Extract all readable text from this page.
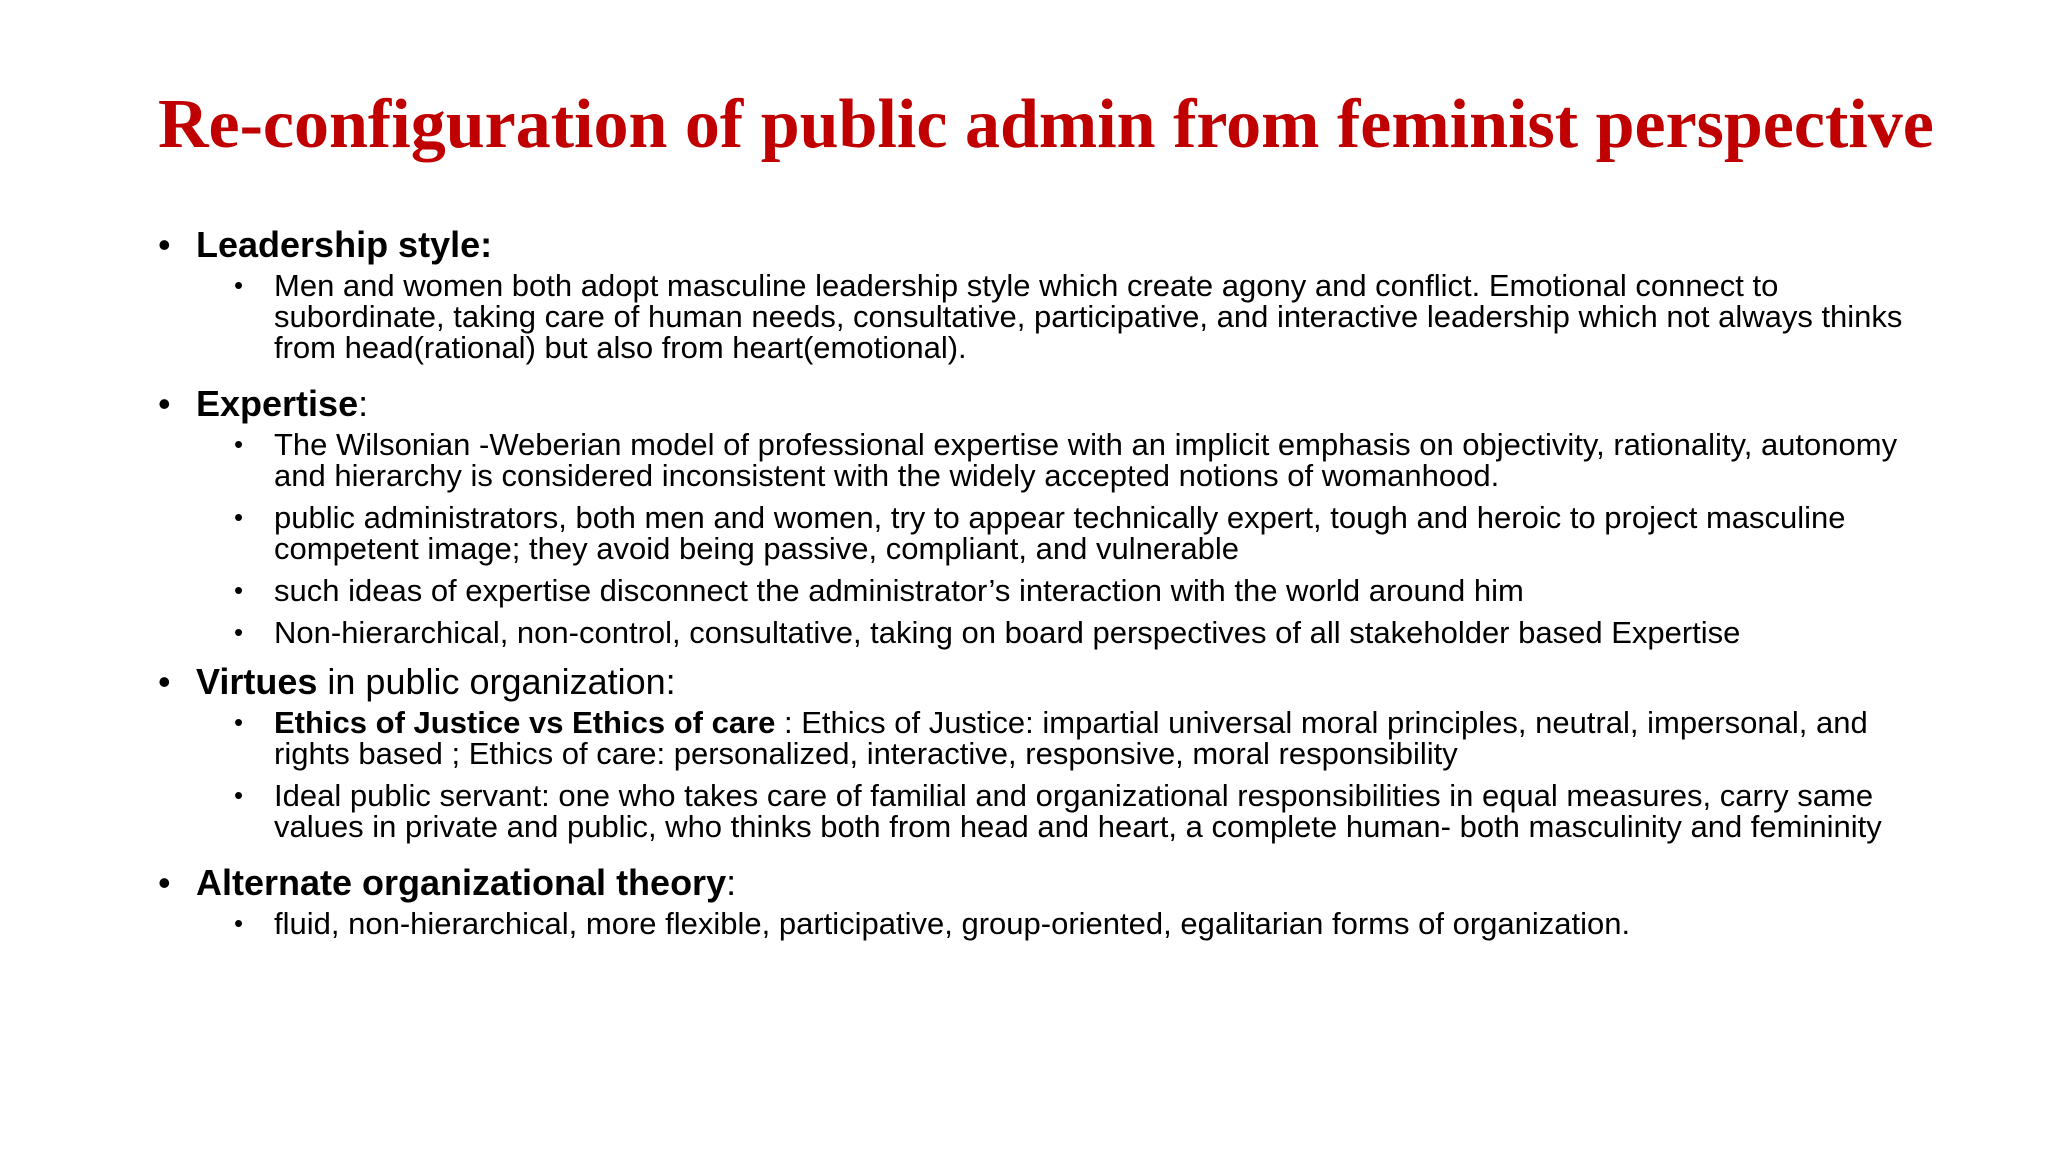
Re-configuration of public admin from feminist perspective
• Leadership style:
• Men and women both adopt masculine leadership style which create agony and conflict. Emotional connect to subordinate, taking care of human needs, consultative, participative, and interactive leadership which not always thinks from head(rational) but also from heart(emotional).
• Expertise:
• The Wilsonian -Weberian model of professional expertise with an implicit emphasis on objectivity, rationality, autonomy and hierarchy is considered inconsistent with the widely accepted notions of womanhood.
• public administrators, both men and women, try to appear technically expert, tough and heroic to project masculine competent image; they avoid being passive, compliant, and vulnerable
• such ideas of expertise disconnect the administrator’s interaction with the world around him
• Non-hierarchical, non-control, consultative, taking on board perspectives of all stakeholder based Expertise
• Virtues in public organization:
• Ethics of Justice vs Ethics of care : Ethics of Justice: impartial universal moral principles, neutral, impersonal, and rights based ; Ethics of care: personalized, interactive, responsive, moral responsibility
• Ideal public servant: one who takes care of familial and organizational responsibilities in equal measures, carry same values in private and public, who thinks both from head and heart, a complete human- both masculinity and femininity
• Alternate organizational theory:
• fluid, non-hierarchical, more flexible, participative, group-oriented, egalitarian forms of organization.
